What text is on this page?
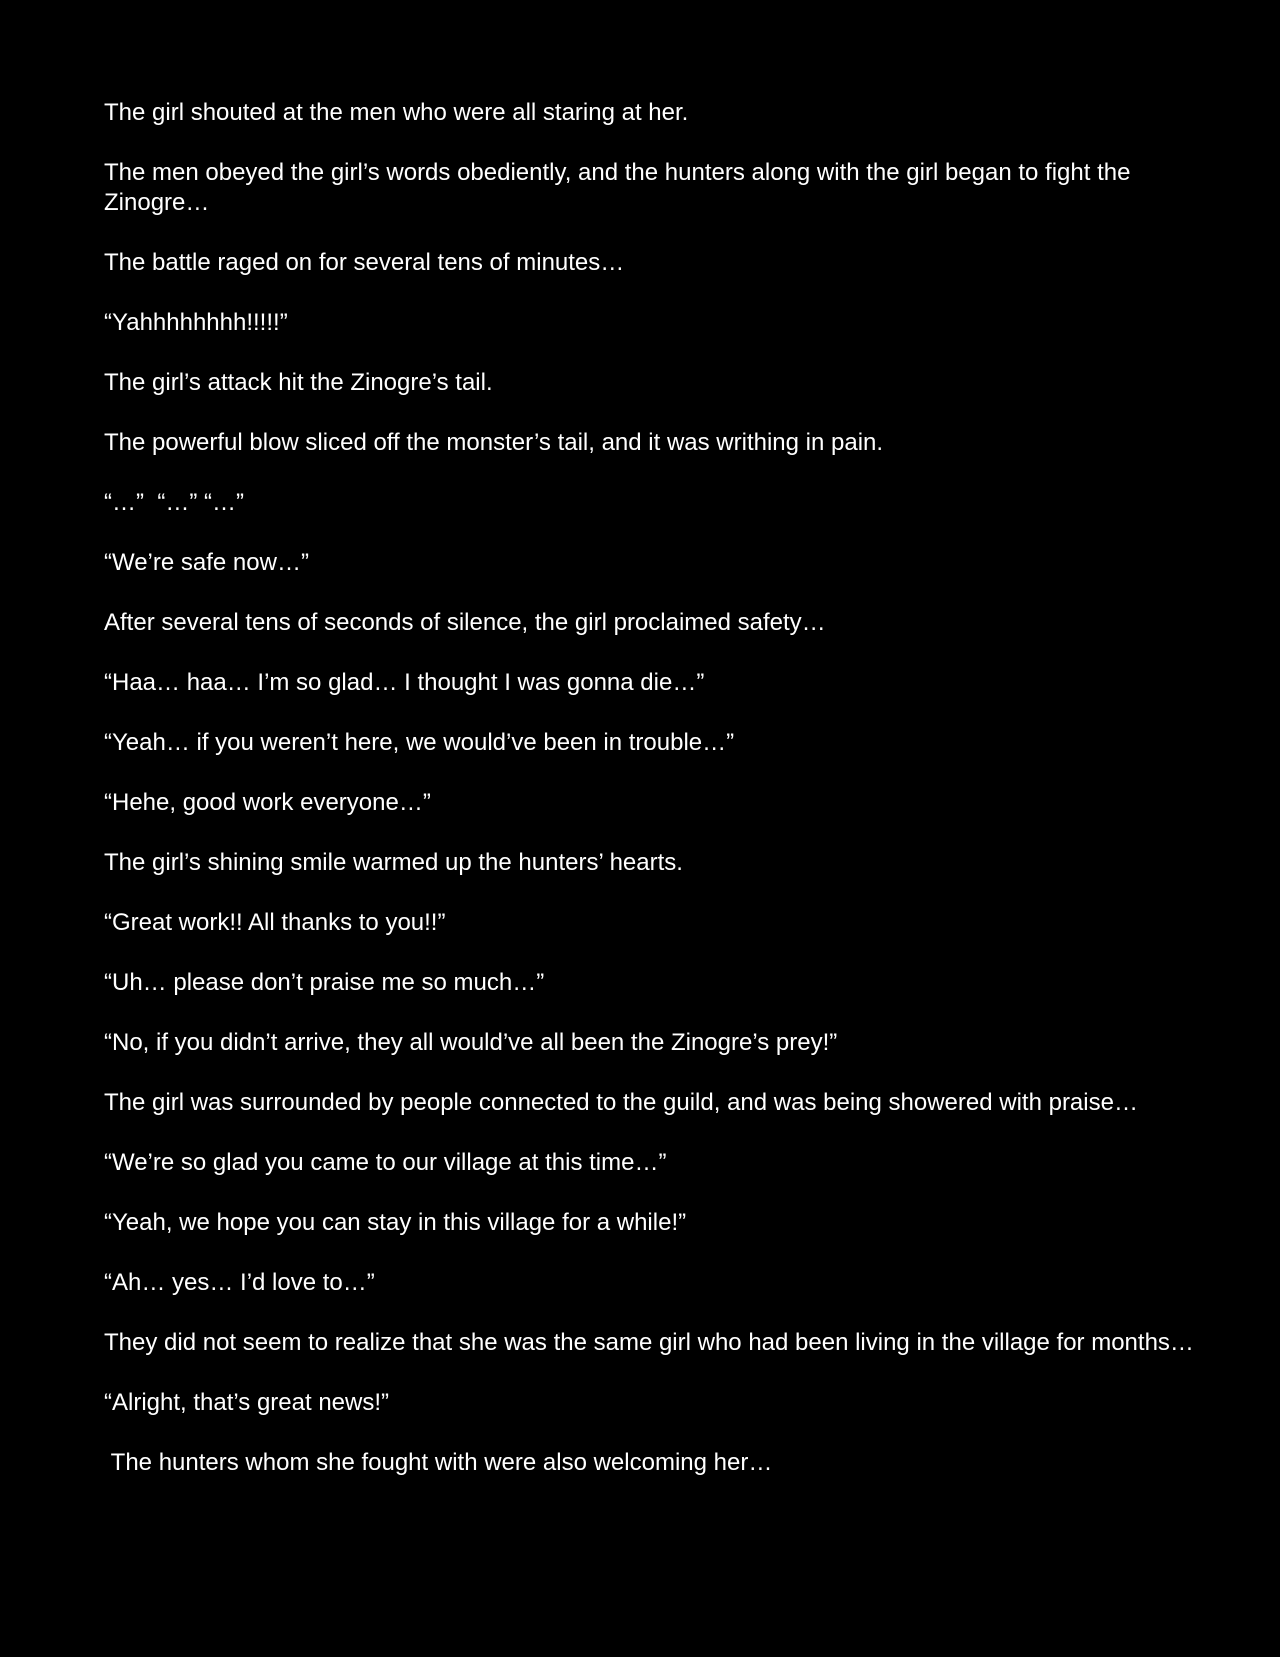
The girl shouted at the men who were all staring at her.

The men obeyed the girl’s words obediently, and the hunters along with the girl began to fight the Zinogre…

The battle raged on for several tens of minutes…

“Yahhhhhhhh!!!!!”

The girl’s attack hit the Zinogre’s tail.

The powerful blow sliced off the monster’s tail, and it was writhing in pain.

“…”  “…” “…”

“We’re safe now…”

After several tens of seconds of silence, the girl proclaimed safety…

“Haa… haa… I’m so glad… I thought I was gonna die…”

“Yeah… if you weren’t here, we would’ve been in trouble…”

“Hehe, good work everyone…”

The girl’s shining smile warmed up the hunters’ hearts.

“Great work!! All thanks to you!!”

“Uh… please don’t praise me so much…”

“No, if you didn’t arrive, they all would’ve all been the Zinogre’s prey!”

The girl was surrounded by people connected to the guild, and was being showered with praise…

“We’re so glad you came to our village at this time…”

“Yeah, we hope you can stay in this village for a while!”

“Ah… yes… I’d love to…”

They did not seem to realize that she was the same girl who had been living in the village for months…

“Alright, that’s great news!”

The hunters whom she fought with were also welcoming her…
